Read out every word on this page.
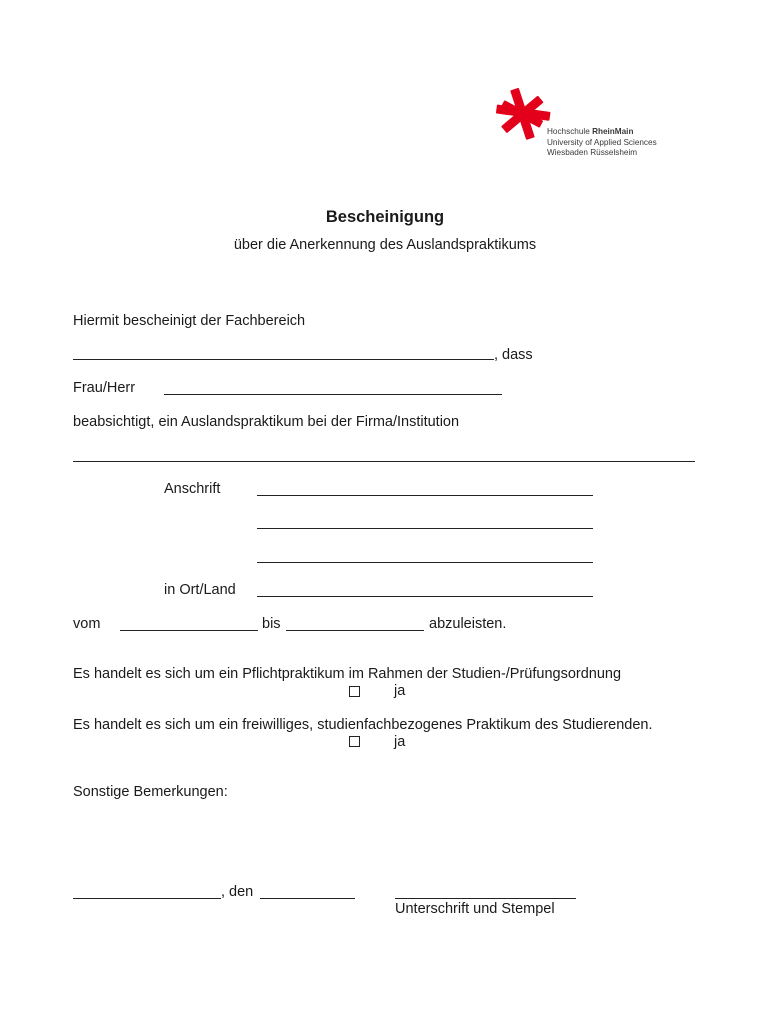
Hochschule RheinMain
University of Applied Sciences
Wiesbaden Rüsselsheim
Bescheinigung
über die Anerkennung des Auslandspraktikums
Hiermit bescheinigt der Fachbereich
, dass
Frau/Herr
beabsichtigt, ein Auslandspraktikum bei der Firma/Institution
Anschrift
in Ort/Land
vom	bis	abzuleisten.
Es handelt es sich um ein Pflichtpraktikum im Rahmen der Studien-/Prüfungsordnung
ja
Es handelt es sich um ein freiwilliges, studienfachbezogenes Praktikum des Studierenden.
ja
Sonstige Bemerkungen:
, den
Unterschrift und Stempel
